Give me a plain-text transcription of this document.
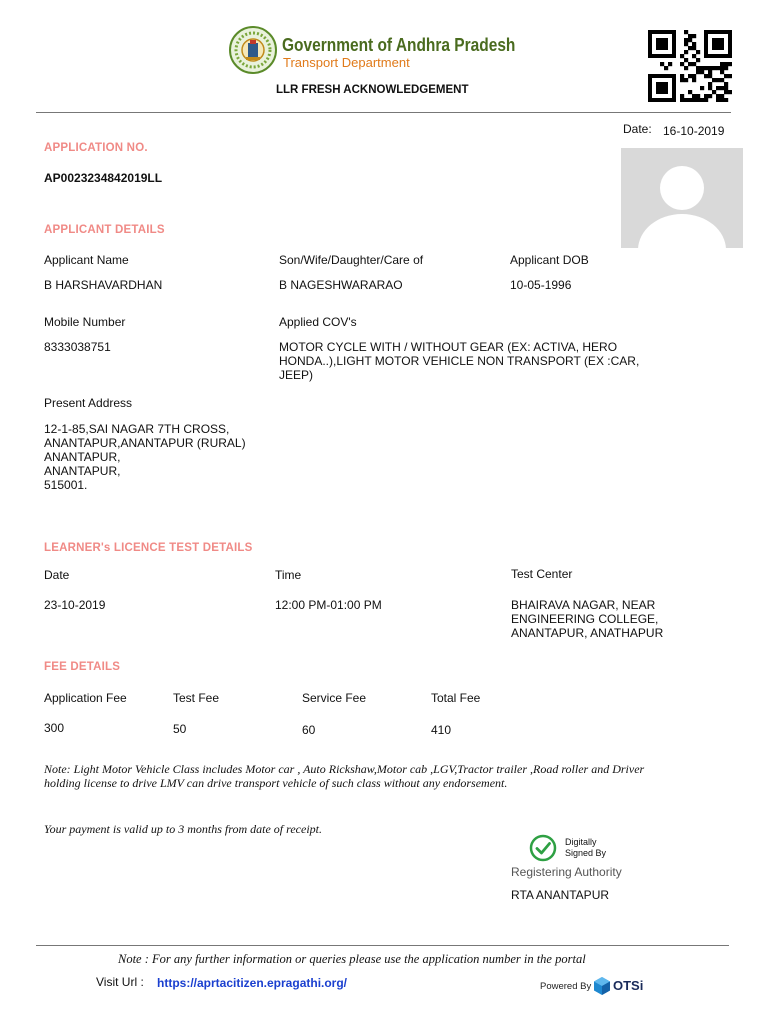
Government of Andhra Pradesh
Transport Department
LLR FRESH ACKNOWLEDGEMENT
Date: 16-10-2019
APPLICATION NO.
AP0023234842019LL
APPLICANT DETAILS
Applicant Name
B HARSHAVARDHAN
Son/Wife/Daughter/Care of
B NAGESHWARARAO
Applicant DOB
10-05-1996
Mobile Number
8333038751
Applied COV's
MOTOR CYCLE WITH / WITHOUT GEAR (EX: ACTIVA, HERO
HONDA..),LIGHT MOTOR VEHICLE NON TRANSPORT (EX :CAR,
JEEP)
Present Address
12-1-85,SAI NAGAR 7TH CROSS,
ANANTAPUR,ANANTAPUR (RURAL)
ANANTAPUR,
ANANTAPUR,
515001.
LEARNER's LICENCE TEST DETAILS
Date
23-10-2019
Time
12:00 PM-01:00 PM
Test Center
BHAIRAVA NAGAR, NEAR
ENGINEERING COLLEGE,
ANANTAPUR, ANATHAPUR
FEE DETAILS
Application Fee
300
Test Fee
50
Service Fee
60
Total Fee
410
Note: Light Motor Vehicle Class includes Motor car , Auto Rickshaw,Motor cab ,LGV,Tractor trailer ,Road roller and Driver
holding license to drive LMV can drive transport vehicle of such class without any endorsement.
Your payment is valid up to 3 months from date of receipt.
Digitally
Signed By
Registering Authority
RTA ANANTAPUR
Note : For any further information or queries please use the application number in the portal
Visit Url : https://aprtacitizen.epragathi.org/	Powered By OTSi
